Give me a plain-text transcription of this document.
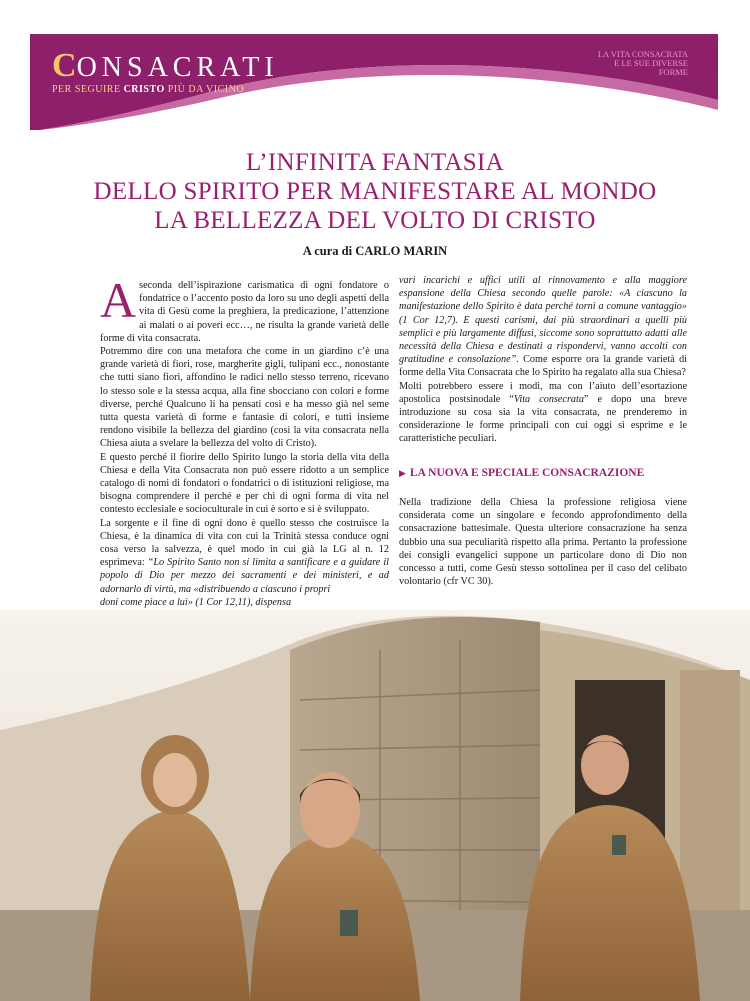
CONSACRATI
PER SEGUIRE CRISTO PIÙ DA VICINO
LA VITA CONSACRATA
E LE SUE DIVERSE
FORME 2
L’INFINITA FANTASIA
DELLO SPIRITO PER MANIFESTARE AL MONDO
LA BELLEZZA DEL VOLTO DI CRISTO
A cura di CARLO MARIN

Aseconda dell’ispirazione carismatica di ogni fondatore o fondatrice o l’accento posto da loro su uno degli aspetti della vita di Gesù come la preghiera, la predicazione, l’attenzione ai malati o ai poveri ecc…, ne risulta la grande varietà delle forme di vita consacrata.

Potremmo dire con una metafora che come in un giardino c’è una grande varietà di fiori, rose, margherite gigli, tulipani ecc., nonostante che tutti siano fiori, affondino le radici nello stesso terreno, ricevano lo stesso sole e la stessa acqua, alla fine sbocciano con colori e forme diverse, perché Qualcuno li ha pensati così e ha messo già nel seme tutta questa varietà di forme e fantasie di colori, e tutti insieme rendono visibile la bellezza del giardino (così la vita consacrata nella Chiesa aiuta a svelare la bellezza del volto di Cristo).

E questo perché il fiorire dello Spirito lungo la storia della vita della Chiesa e della Vita Consacrata non può essere ridotto a un semplice catalogo di nomi di fondatori o fondatrici o di istituzioni religiose, ma bisogna comprendere il perché e per chi di ogni forma di vita nel contesto ecclesiale e socioculturale in cui è sorto e si è sviluppato.

La sorgente e il fine di ogni dono è quello stesso che costruisce la Chiesa, è la dinamica di vita con cui la Trinità stessa conduce ogni cosa verso la salvezza, è quel modo in cui già la LG al n. 12 esprimeva: “Lo Spirito Santo non si limita a santificare e a guidare il popolo di Dio per mezzo dei sacramenti e dei ministeri, e ad adornarlo di virtù, ma «distribuendo a ciascuno i propri

doni come piace a lui» (1 Cor 12,11), dispensa

vari incarichi e uffici utili al rinnovamento e alla maggiore espansione della Chiesa secondo quelle parole: «A ciascuno la manifestazione dello Spirito è data perché torni a comune vantaggio» (1 Cor 12,7). E questi carismi, dai più straordinari a quelli più semplici e più largamente diffusi, siccome sono soprattutto adatti alle necessità della Chiesa e destinati a rispondervi, vanno accolti con gratitudine e consolazione”. Come esporre ora la grande varietà di forme della Vita Consacrata che lo Spirito ha regalato alla sua Chiesa?

Molti potrebbero essere i modi, ma con l’aiuto dell’esortazione apostolica postsinodale “Vita consecrata” e dopo una breve introduzione su cosa sia la vita consacrata, ne prenderemo in considerazione le forme principali con cui oggi si esprime e le caratteristiche peculiari.

▶ LA NUOVA E SPECIALE CONSACRAZIONE

Nella tradizione della Chiesa la professione religiosa viene considerata come un singolare e fecondo approfondimento della consacrazione battesimale. Questa ulteriore consacrazione ha senza dubbio una sua peculiarità rispetto alla prima. Pertanto la professione dei consigli evangelici suppone un particolare dono di Dio non concesso a tutti, come Gesù stesso sottolinea per il caso del celibato volontario (cfr VC 30).
